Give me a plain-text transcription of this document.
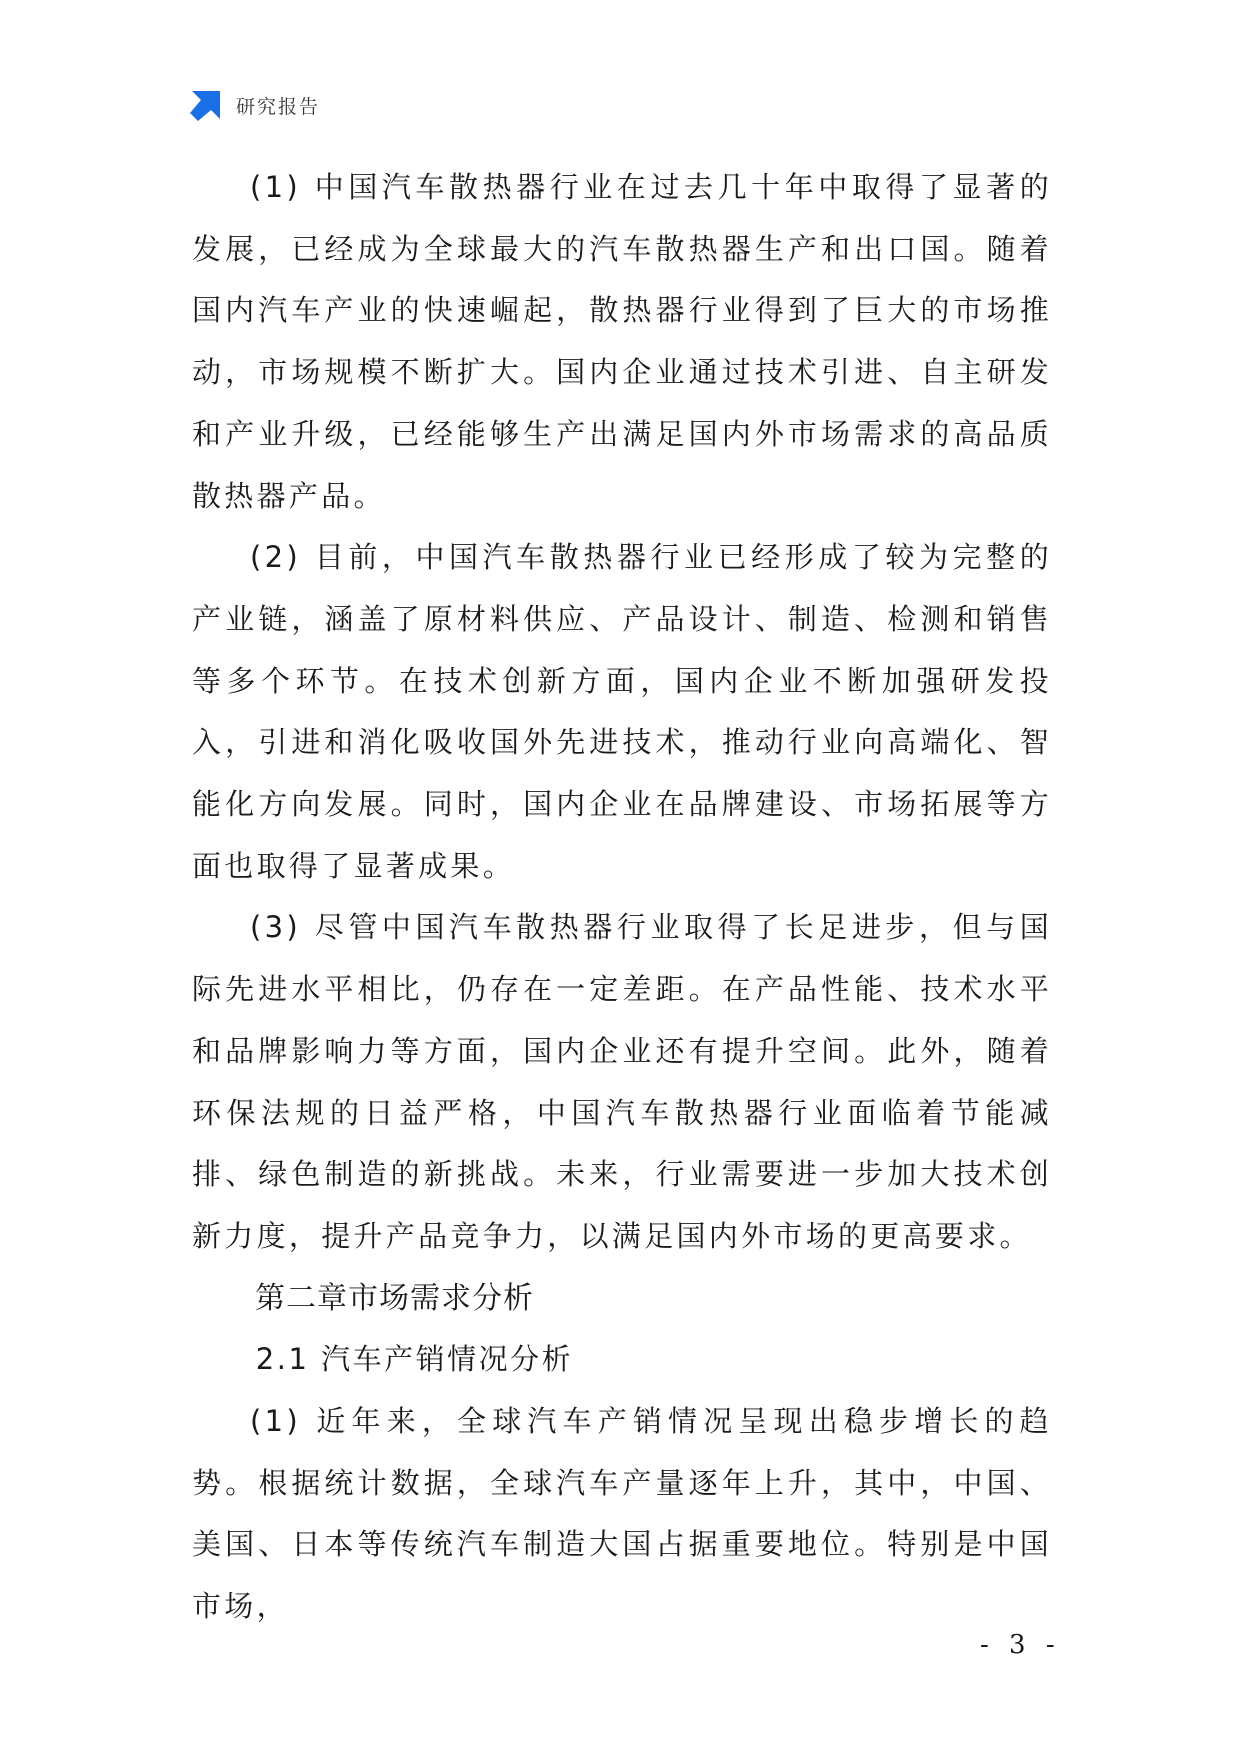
研究报告

(1) 中国汽车散热器行业在过去几十年中取得了显著的发展，已经成为全球最大的汽车散热器生产和出口国。随着国内汽车产业的快速崛起，散热器行业得到了巨大的市场推动，市场规模不断扩大。国内企业通过技术引进、自主研发和产业升级，已经能够生产出满足国内外市场需求的高品质散热器产品。

(2) 目前，中国汽车散热器行业已经形成了较为完整的产业链，涵盖了原材料供应、产品设计、制造、检测和销售等多个环节。在技术创新方面，国内企业不断加强研发投入，引进和消化吸收国外先进技术，推动行业向高端化、智能化方向发展。同时，国内企业在品牌建设、市场拓展等方面也取得了显著成果。

(3) 尽管中国汽车散热器行业取得了长足进步，但与国际先进水平相比，仍存在一定差距。在产品性能、技术水平和品牌影响力等方面，国内企业还有提升空间。此外，随着环保法规的日益严格，中国汽车散热器行业面临着节能减排、绿色制造的新挑战。未来，行业需要进一步加大技术创新力度，提升产品竞争力，以满足国内外市场的更高要求。

第二章市场需求分析

2.1 汽车产销情况分析

(1) 近年来，全球汽车产销情况呈现出稳步增长的趋势。根据统计数据，全球汽车产量逐年上升，其中，中国、美国、日本等传统汽车制造大国占据重要地位。特别是中国市场，

- 3 -
